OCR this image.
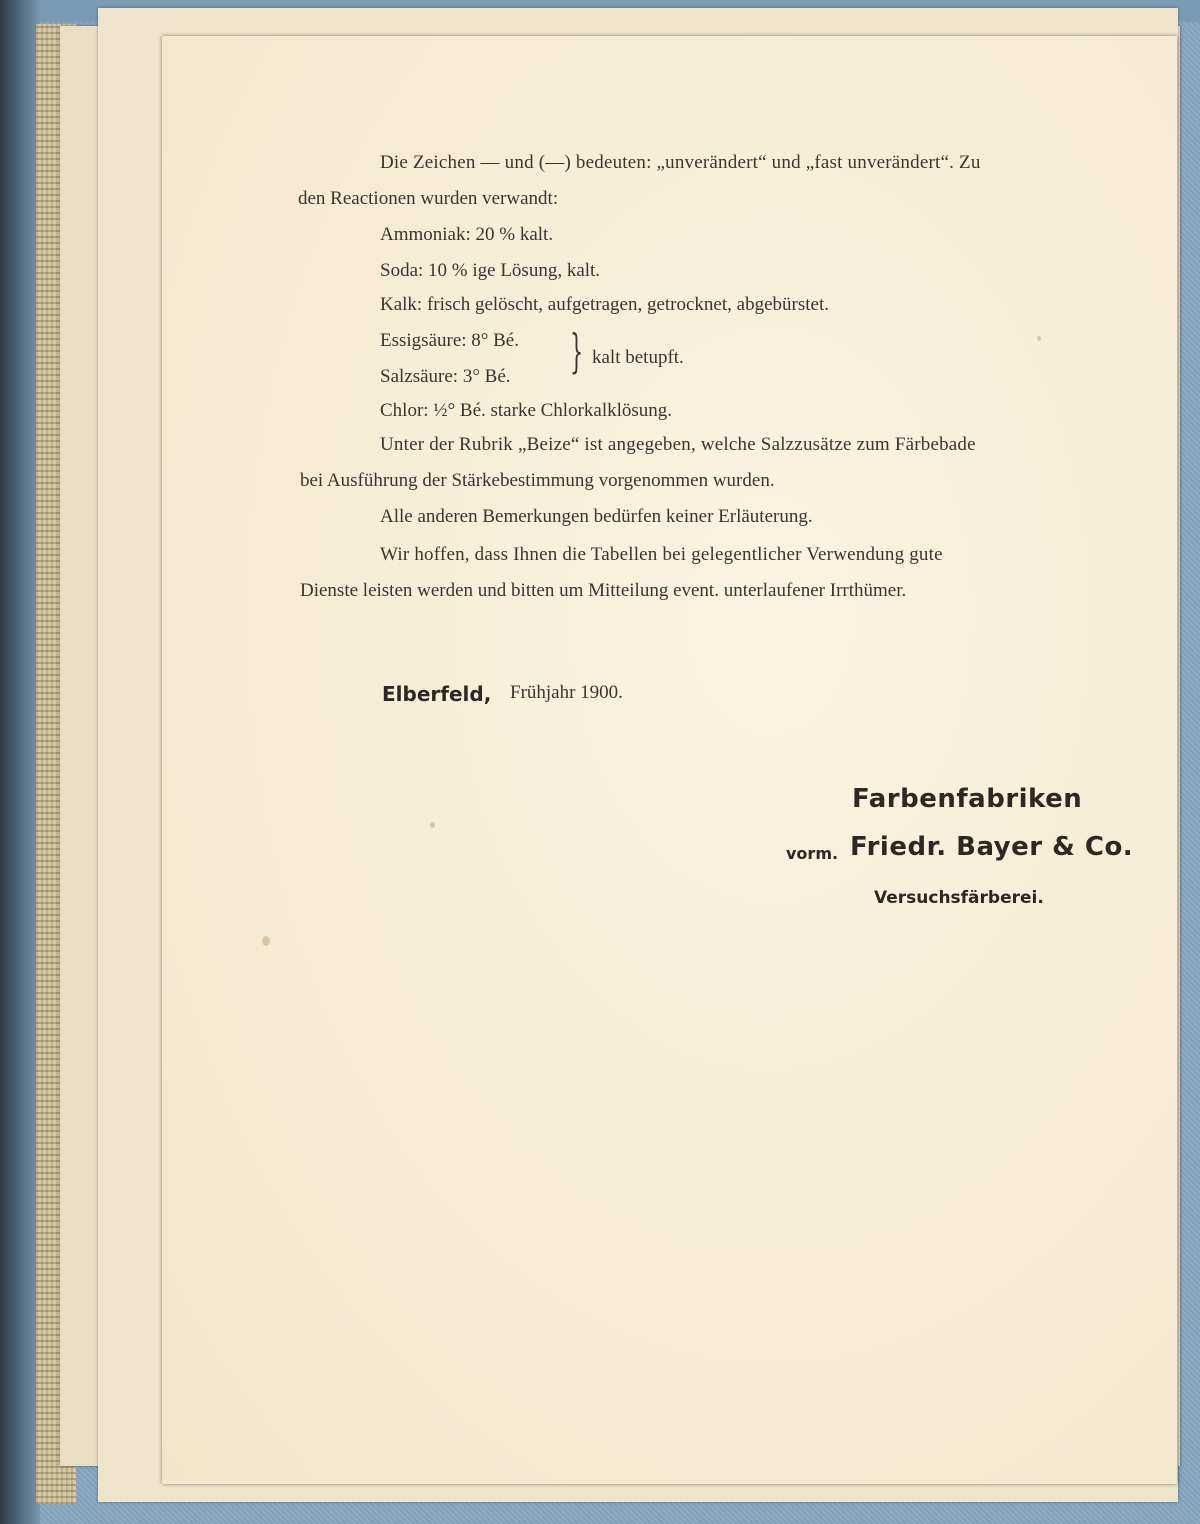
Die Zeichen — und (—) bedeuten: „unverändert“ und „fast unverändert“. Zu
den Reactionen wurden verwandt:
Ammoniak: 20 % kalt.
Soda: 10 % ige Lösung, kalt.
Kalk: frisch gelöscht, aufgetragen, getrocknet, abgebürstet.
Essigsäure: 8° Bé.
Salzsäure: 3° Bé. } kalt betupft.
Chlor: ½° Bé. starke Chlorkalklösung.
Unter der Rubrik „Beize“ ist angegeben, welche Salzzusätze zum Färbebade
bei Ausführung der Stärkebestimmung vorgenommen wurden.
Alle anderen Bemerkungen bedürfen keiner Erläuterung.
Wir hoffen, dass Ihnen die Tabellen bei gelegentlicher Verwendung gute
Dienste leisten werden und bitten um Mitteilung event. unterlaufener Irrthümer.
Elberfeld, Frühjahr 1900.
Farbenfabriken
vorm. Friedr. Bayer & Co.
Versuchsfärberei.
